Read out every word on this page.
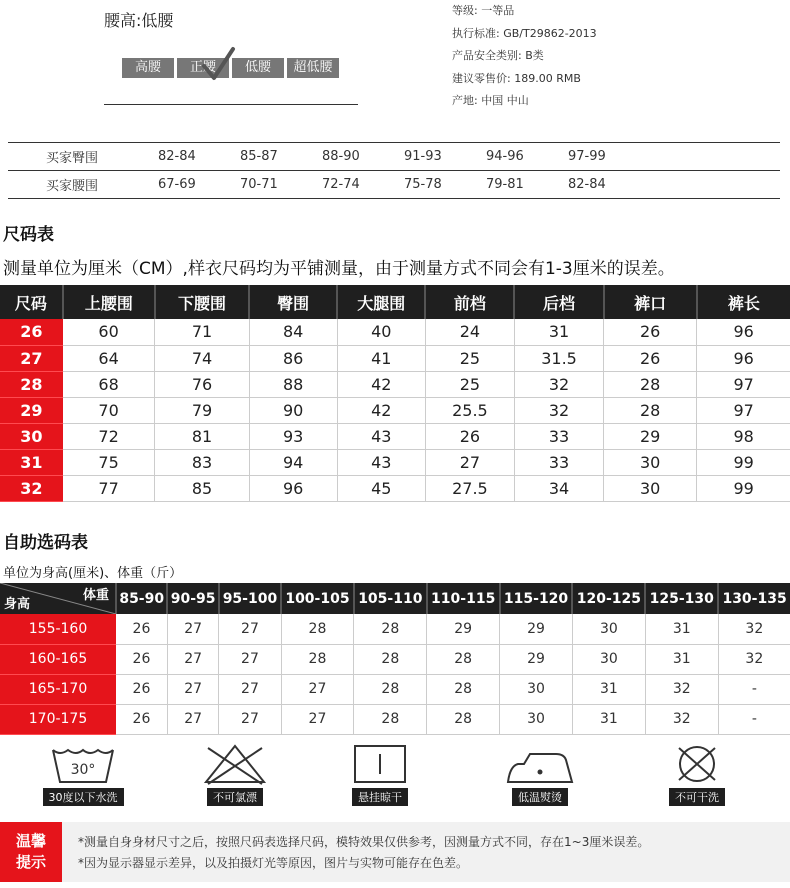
腰高:低腰
高腰	正腰	低腰	超低腰
等级: 一等品
执行标准: GB/T29862-2013
产品安全类别: B类
建议零售价: 189.00 RMB
产地: 中国 中山
买家臀围	82-84	85-87	88-90	91-93	94-96	97-99
买家腰围	67-69	70-71	72-74	75-78	79-81	82-84
尺码表
测量单位为厘米（CM）,样衣尺码均为平铺测量，由于测量方式不同会有1-3厘米的误差。
尺码	上腰围	下腰围	臀围	大腿围	前档	后档	裤口	裤长
26	60	71	84	40	24	31	26	96
27	64	74	86	41	25	31.5	26	96
28	68	76	88	42	25	32	28	97
29	70	79	90	42	25.5	32	28	97
30	72	81	93	43	26	33	29	98
31	75	83	94	43	27	33	30	99
32	77	85	96	45	27.5	34	30	99
自助选码表
单位为身高(厘米)、体重（斤）
体重
身高	85-90	90-95	95-100	100-105	105-110	110-115	115-120	120-125	125-130	130-135
155-160	26	27	27	28	28	29	29	30	31	32
160-165	26	27	27	28	28	28	29	30	31	32
165-170	26	27	27	27	28	28	30	31	32	-
170-175	26	27	27	27	28	28	30	31	32	-
30°
30度以下水洗	不可氯漂	悬挂晾干	低温熨烫	不可干洗
温馨
提示
*测量自身身材尺寸之后，按照尺码表选择尺码，模特效果仅供参考，因测量方式不同，存在1~3厘米误差。
*因为显示器显示差异，以及拍摄灯光等原因，图片与实物可能存在色差。
